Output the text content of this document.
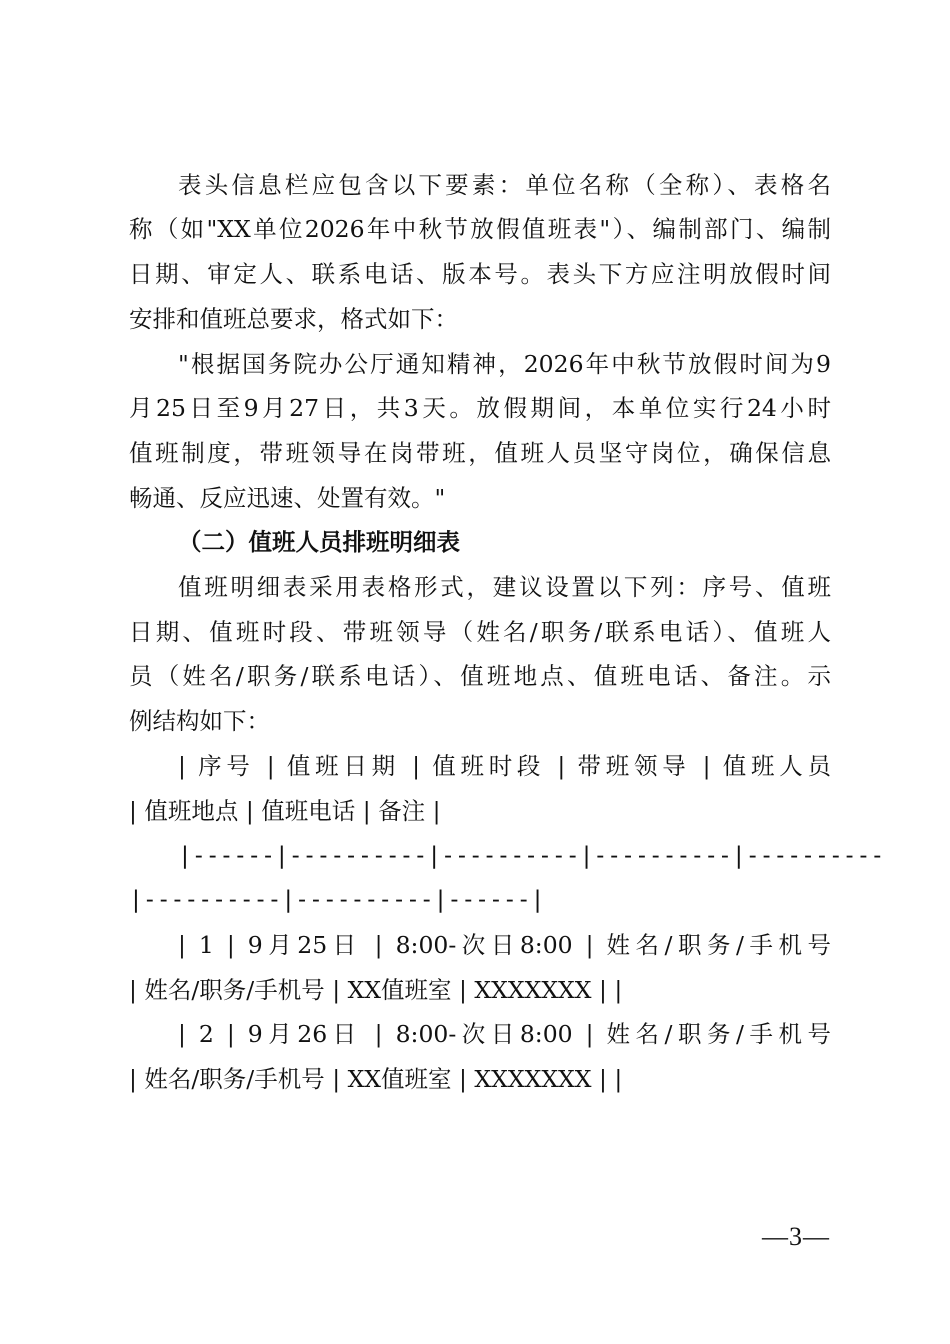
表头信息栏应包含以下要素：单位名称（全称）、表格名
称（如"XX单位2026年中秋节放假值班表"）、编制部门、编制
日期、审定人、联系电话、版本号。表头下方应注明放假时间
安排和值班总要求，格式如下：
"根据国务院办公厅通知精神，2026年中秋节放假时间为9
月25日至9月27日，共3天。放假期间，本单位实行24小时
值班制度，带班领导在岗带班，值班人员坚守岗位，确保信息
畅通、反应迅速、处置有效。"
（二）值班人员排班明细表
值班明细表采用表格形式，建议设置以下列：序号、值班
日期、值班时段、带班领导（姓名/职务/联系电话）、值班人
员（姓名/职务/联系电话）、值班地点、值班电话、备注。示
例结构如下：
| 序号 | 值班日期 | 值班时段 | 带班领导 | 值班人员
| 值班地点 | 值班电话 | 备注 |
|------|----------|----------|----------|----------
|----------|----------|------|
| 1 | 9月25日 | 8:00-次日8:00 | 姓名/职务/手机号
| 姓名/职务/手机号 | XX值班室 | XXXXXXX | |
| 2 | 9月26日 | 8:00-次日8:00 | 姓名/职务/手机号
| 姓名/职务/手机号 | XX值班室 | XXXXXXX | |
—3—
